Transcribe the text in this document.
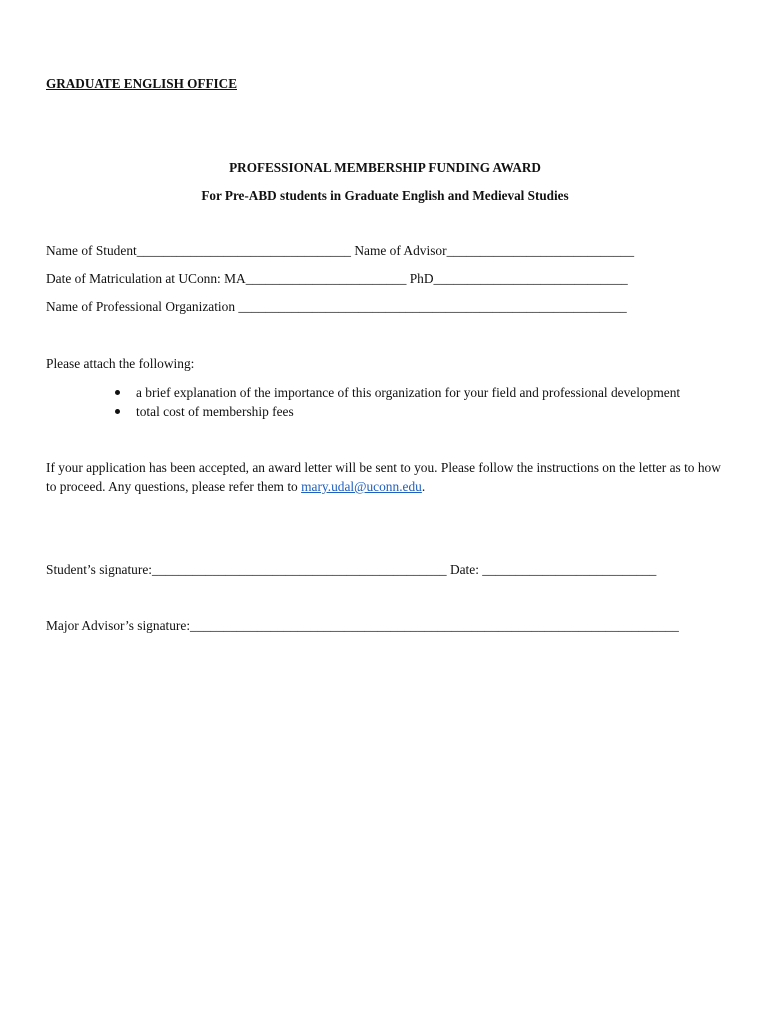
GRADUATE ENGLISH OFFICE
PROFESSIONAL MEMBERSHIP FUNDING AWARD
For Pre-ABD students in Graduate English and Medieval Studies
Name of Student________________________________ Name of Advisor____________________________
Date of Matriculation at UConn: MA________________________ PhD_____________________________
Name of Professional Organization __________________________________________________________
Please attach the following:
a brief explanation of the importance of this organization for your field and professional development
total cost of membership fees
If your application has been accepted, an award letter will be sent to you. Please follow the instructions on the letter as to how to proceed. Any questions, please refer them to mary.udal@uconn.edu.
Student’s signature:____________________________________________ Date: __________________________
Major Advisor’s signature:_________________________________________________________________________
